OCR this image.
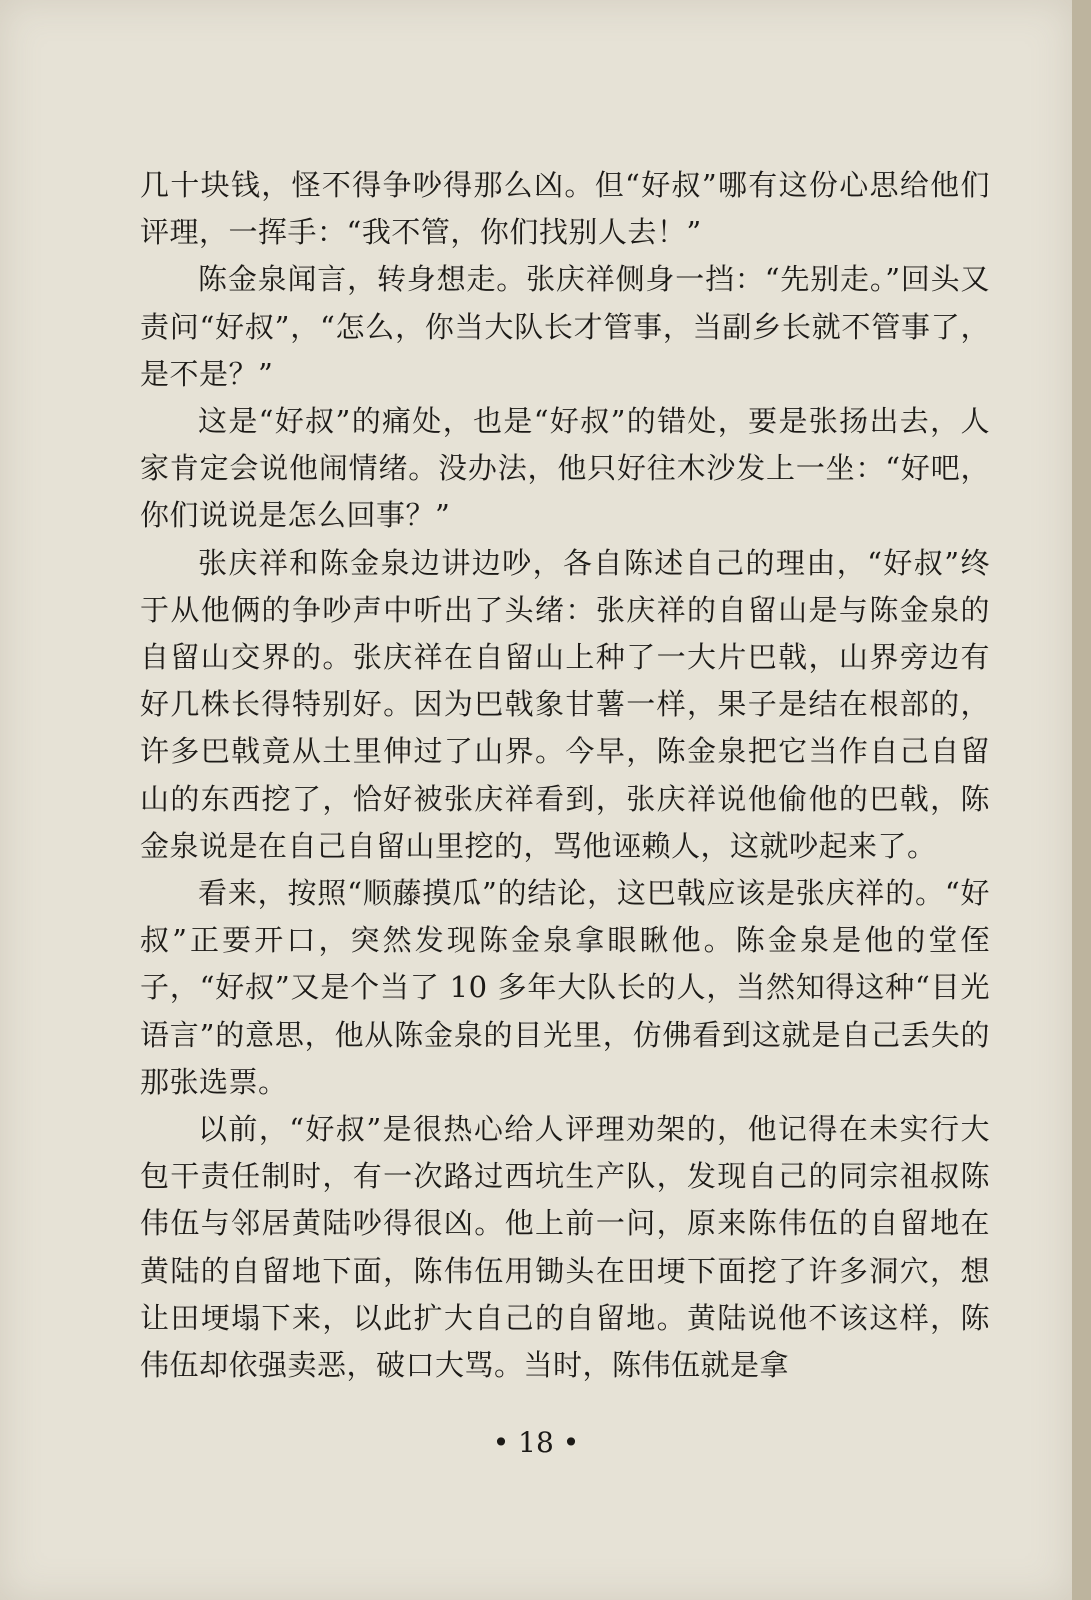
几十块钱，怪不得争吵得那么凶。但“好叔”哪有这份心思给他们评理，一挥手：“我不管，你们找别人去！”

陈金泉闻言，转身想走。张庆祥侧身一挡：“先别走。”回头又责问“好叔”，“怎么，你当大队长才管事，当副乡长就不管事了，是不是？”

这是“好叔”的痛处，也是“好叔”的错处，要是张扬出去，人家肯定会说他闹情绪。没办法，他只好往木沙发上一坐：“好吧，你们说说是怎么回事？”

张庆祥和陈金泉边讲边吵，各自陈述自己的理由，“好叔”终于从他俩的争吵声中听出了头绪：张庆祥的自留山是与陈金泉的自留山交界的。张庆祥在自留山上种了一大片巴戟，山界旁边有好几株长得特别好。因为巴戟象甘薯一样，果子是结在根部的，许多巴戟竟从土里伸过了山界。今早，陈金泉把它当作自己自留山的东西挖了，恰好被张庆祥看到，张庆祥说他偷他的巴戟，陈金泉说是在自己自留山里挖的，骂他诬赖人，这就吵起来了。

看来，按照“顺藤摸瓜”的结论，这巴戟应该是张庆祥的。“好叔”正要开口，突然发现陈金泉拿眼瞅他。陈金泉是他的堂侄子，“好叔”又是个当了 10 多年大队长的人，当然知得这种“目光语言”的意思，他从陈金泉的目光里，仿佛看到这就是自己丢失的那张选票。

以前，“好叔”是很热心给人评理劝架的，他记得在未实行大包干责任制时，有一次路过西坑生产队，发现自己的同宗祖叔陈伟伍与邻居黄陆吵得很凶。他上前一问，原来陈伟伍的自留地在黄陆的自留地下面，陈伟伍用锄头在田埂下面挖了许多洞穴，想让田埂塌下来，以此扩大自己的自留地。黄陆说他不该这样，陈伟伍却依强卖恶，破口大骂。当时，陈伟伍就是拿

• 18 •
